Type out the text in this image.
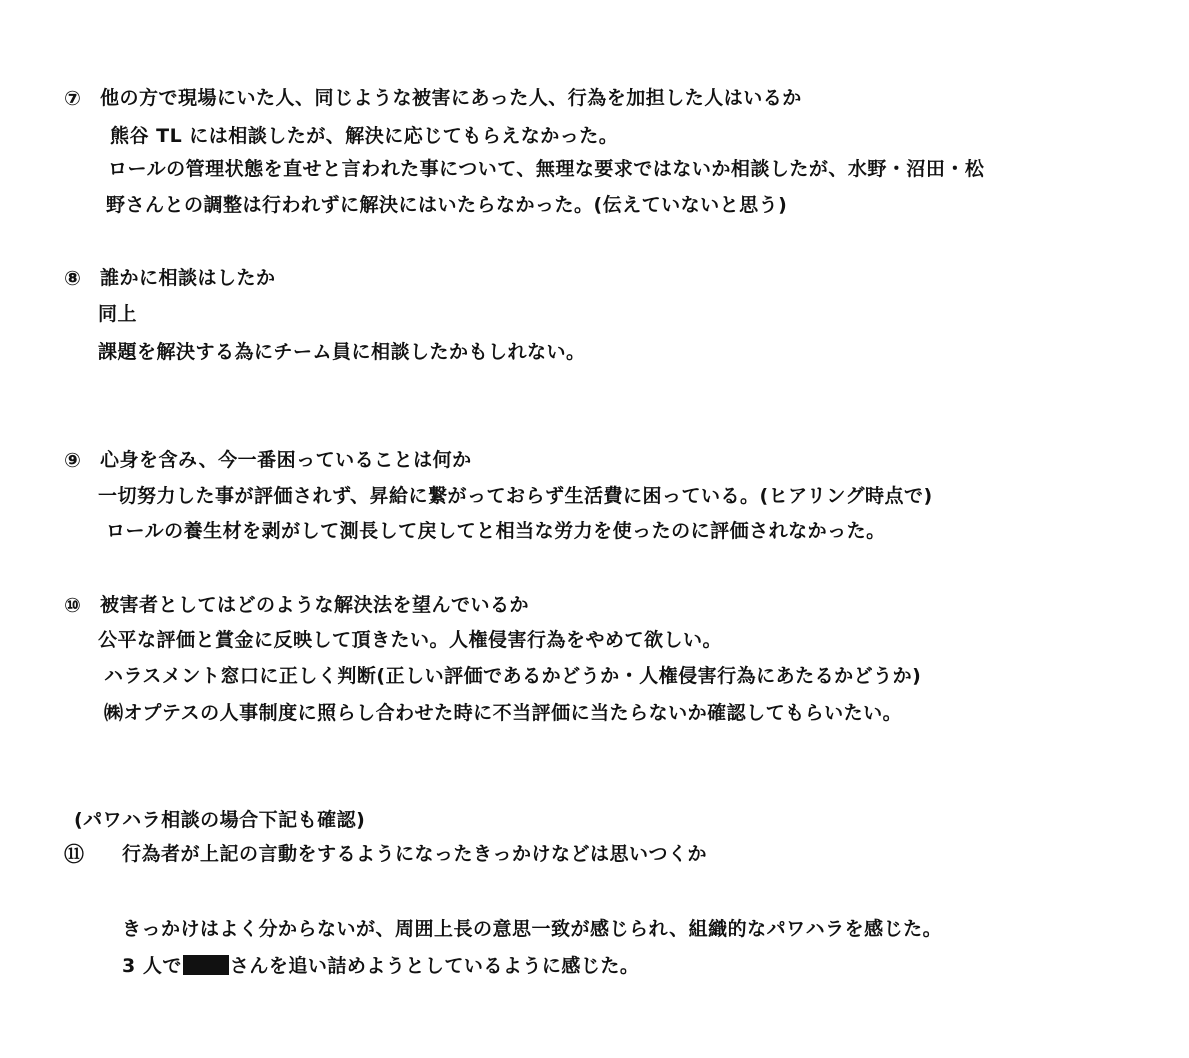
⑦ 他の方で現場にいた人、同じような被害にあった人、行為を加担した人はいるか
熊谷 TL には相談したが、解決に応じてもらえなかった。
ロールの管理状態を直せと言われた事について、無理な要求ではないか相談したが、水野・沼田・松
野さんとの調整は行われずに解決にはいたらなかった。(伝えていないと思う)
⑧ 誰かに相談はしたか
同上
課題を解決する為にチーム員に相談したかもしれない。
⑨ 心身を含み、今一番困っていることは何か
一切努力した事が評価されず、昇給に繋がっておらず生活費に困っている。(ヒアリング時点で)
ロールの養生材を剥がして測長して戻してと相当な労力を使ったのに評価されなかった。
⑩ 被害者としてはどのような解決法を望んでいるか
公平な評価と賞金に反映して頂きたい。人権侵害行為をやめて欲しい。
ハラスメント窓口に正しく判断(正しい評価であるかどうか・人権侵害行為にあたるかどうか)
㈱オプテスの人事制度に照らし合わせた時に不当評価に当たらないか確認してもらいたい。
(パワハラ相談の場合下記も確認)
⑪ 行為者が上記の言動をするようになったきっかけなどは思いつくか
きっかけはよく分からないが、周囲上長の意思一致が感じられ、組織的なパワハラを感じた。
3 人で	さんを追い詰めようとしているように感じた。
